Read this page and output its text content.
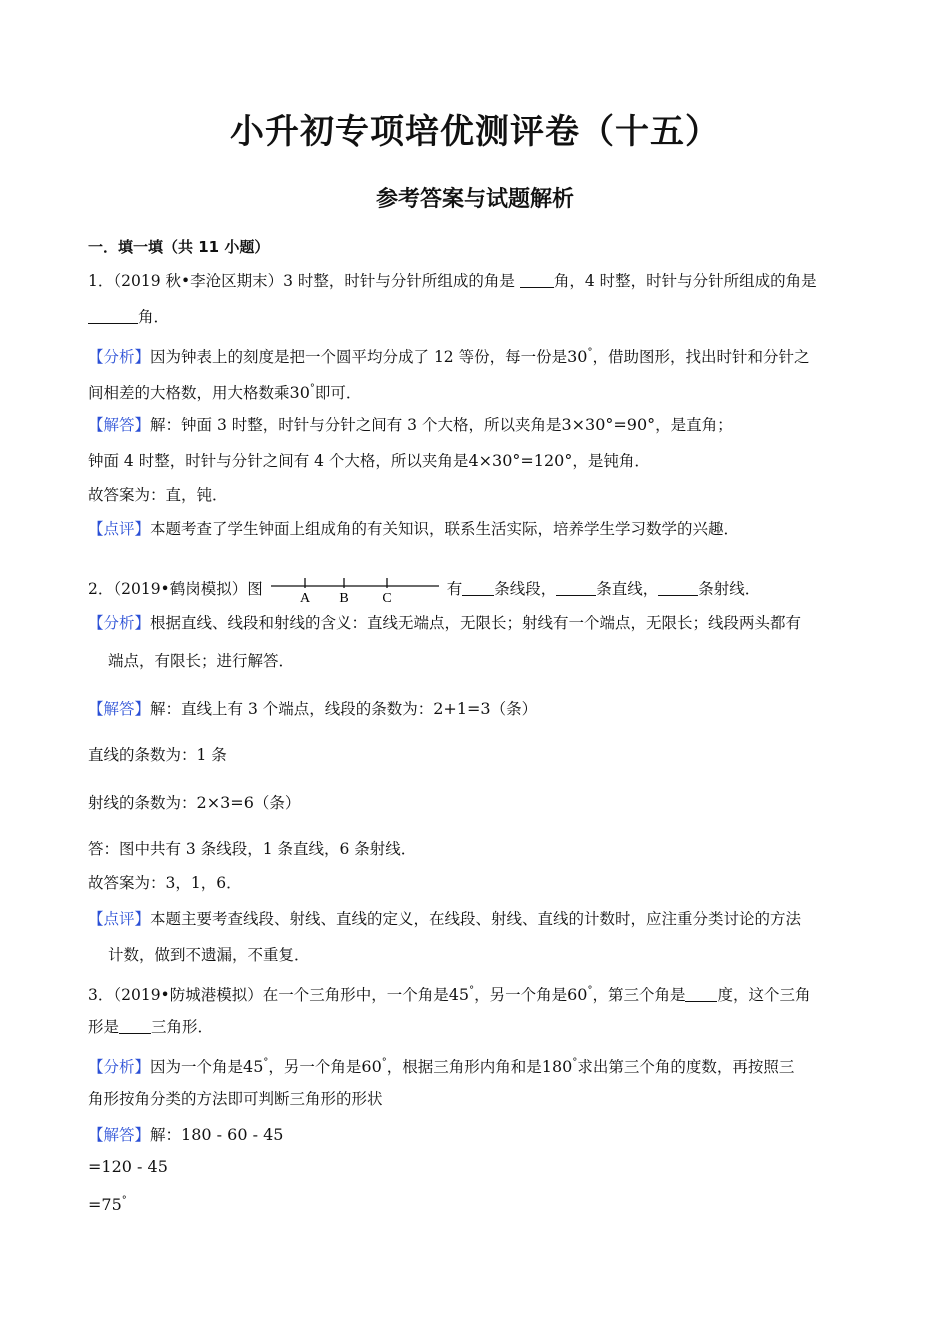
小升初专项培优测评卷（十五）
参考答案与试题解析
一．填一填（共 11 小题）
1．（2019 秋•李沧区期末）3 时整，时针与分针所组成的角是	角，4 时整，时针与分针所组成的角是
角．
【分析】因为钟表上的刻度是把一个圆平均分成了 12 等份，每一份是30°，借助图形，找出时针和分针之
间相差的大格数，用大格数乘30°即可．
【解答】解：钟面 3 时整，时针与分针之间有 3 个大格，所以夹角是3×30°=90°，是直角；
钟面 4 时整，时针与分针之间有 4 个大格，所以夹角是4×30°=120°，是钝角．
故答案为：直，钝．
【点评】本题考查了学生钟面上组成角的有关知识，联系生活实际，培养学生学习数学的兴趣．
2．（2019•鹤岗模拟）图
A B C
有 条线段，	条直线，	条射线．
【分析】根据直线、线段和射线的含义：直线无端点，无限长；射线有一个端点，无限长；线段两头都有
端点，有限长；进行解答．
【解答】解：直线上有 3 个端点，线段的条数为：2+1=3（条）
直线的条数为：1 条
射线的条数为：2×3=6（条）
答：图中共有 3 条线段，1 条直线，6 条射线．
故答案为：3，1，6．
【点评】本题主要考查线段、射线、直线的定义，在线段、射线、直线的计数时，应注重分类讨论的方法
计数，做到不遗漏，不重复．
3．（2019•防城港模拟）在一个三角形中，一个角是45°，另一个角是60°，第三个角是 度，这个三角
形是 三角形．
【分析】因为一个角是45°，另一个角是60°，根据三角形内角和是180°求出第三个角的度数，再按照三
角形按角分类的方法即可判断三角形的形状
【解答】解：180 - 60 - 45
=120 - 45
=75°
